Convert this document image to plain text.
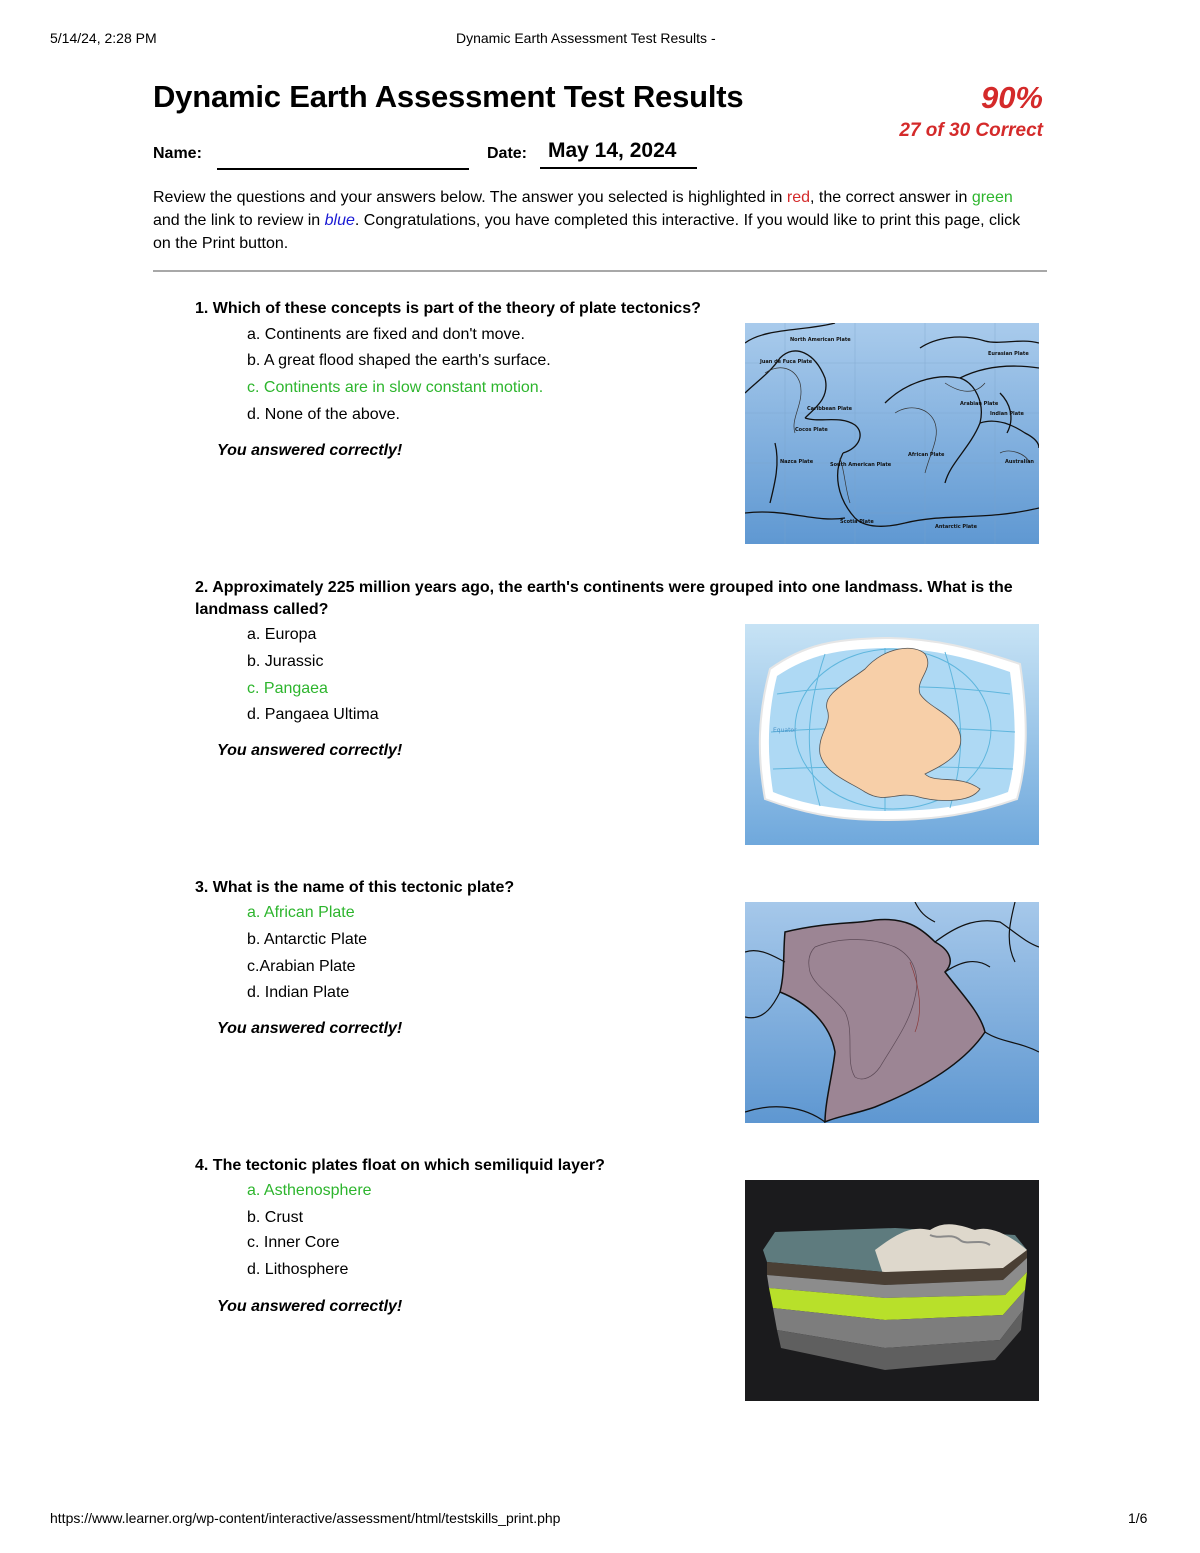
5/14/24, 2:28 PM	Dynamic Earth Assessment Test Results -
Dynamic Earth Assessment Test Results	90%
27 of 30 Correct
Name:	Date: May 14, 2024
Review the questions and your answers below. The answer you selected is highlighted in red, the correct answer in green and the link to review in blue. Congratulations, you have completed this interactive. If you would like to print this page, click on the Print button.
1. Which of these concepts is part of the theory of plate tectonics?
a. Continents are fixed and don't move.
b. A great flood shaped the earth's surface.
c. Continents are in slow constant motion.
d. None of the above.
You answered correctly!
North American Plate
Juan de Fuca Plate
Eurasian Plate
Caribbean Plate
Arabian Plate
Indian Plate
Cocos Plate
Nazca Plate	South American Plate
African Plate
Australian
Scotia Plate
Antarctic Plate
2. Approximately 225 million years ago, the earth's continents were grouped into one landmass. What is the landmass called?
a. Europa
b. Jurassic
c. Pangaea
d. Pangaea Ultima
You answered correctly!
Equator
3. What is the name of this tectonic plate?
a. African Plate
b. Antarctic Plate
c.Arabian Plate
d. Indian Plate
You answered correctly!
4. The tectonic plates float on which semiliquid layer?
a. Asthenosphere
b. Crust
c. Inner Core
d. Lithosphere
You answered correctly!
https://www.learner.org/wp-content/interactive/assessment/html/testskills_print.php	1/6
